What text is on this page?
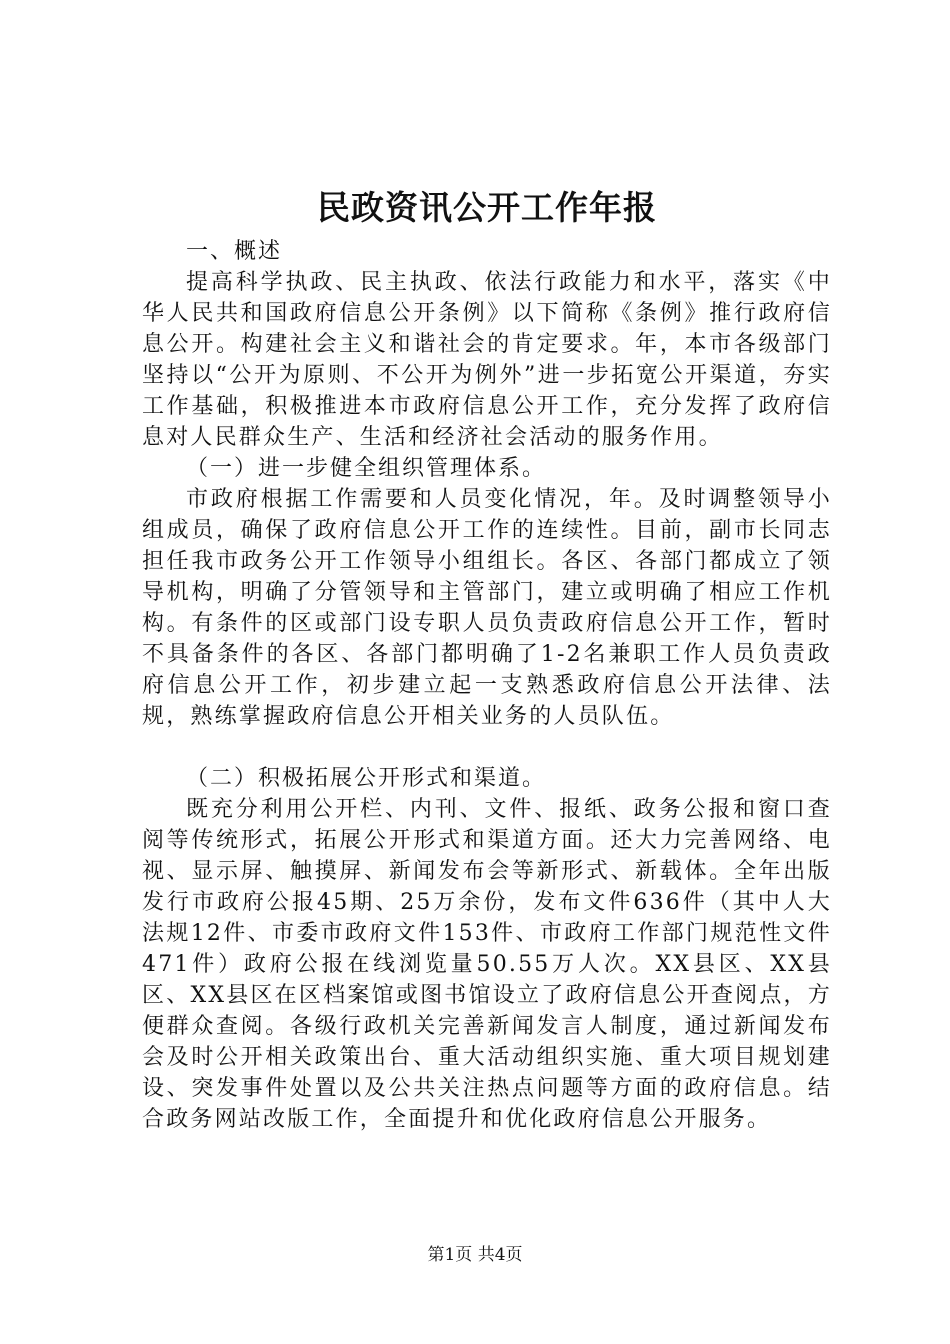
民政资讯公开工作年报

一、概述

提高科学执政、民主执政、依法行政能力和水平，落实《中华人民共和国政府信息公开条例》以下简称《条例》推行政府信息公开。构建社会主义和谐社会的肯定要求。年，本市各级部门坚持以“公开为原则、不公开为例外”进一步拓宽公开渠道，夯实工作基础，积极推进本市政府信息公开工作，充分发挥了政府信息对人民群众生产、生活和经济社会活动的服务作用。

（一）进一步健全组织管理体系。

市政府根据工作需要和人员变化情况，年。及时调整领导小组成员，确保了政府信息公开工作的连续性。目前，副市长同志担任我市政务公开工作领导小组组长。各区、各部门都成立了领导机构，明确了分管领导和主管部门，建立或明确了相应工作机构。有条件的区或部门设专职人员负责政府信息公开工作，暂时不具备条件的各区、各部门都明确了1-2名兼职工作人员负责政府信息公开工作，初步建立起一支熟悉政府信息公开法律、法规，熟练掌握政府信息公开相关业务的人员队伍。

（二）积极拓展公开形式和渠道。

既充分利用公开栏、内刊、文件、报纸、政务公报和窗口查阅等传统形式，拓展公开形式和渠道方面。还大力完善网络、电视、显示屏、触摸屏、新闻发布会等新形式、新载体。全年出版发行市政府公报45期、25万余份，发布文件636件（其中人大法规12件、市委市政府文件153件、市政府工作部门规范性文件471件）政府公报在线浏览量50.55万人次。XX县区、XX县区、XX县区在区档案馆或图书馆设立了政府信息公开查阅点，方便群众查阅。各级行政机关完善新闻发言人制度，通过新闻发布会及时公开相关政策出台、重大活动组织实施、重大项目规划建设、突发事件处置以及公共关注热点问题等方面的政府信息。结合政务网站改版工作，全面提升和优化政府信息公开服务。

第1页 共4页
